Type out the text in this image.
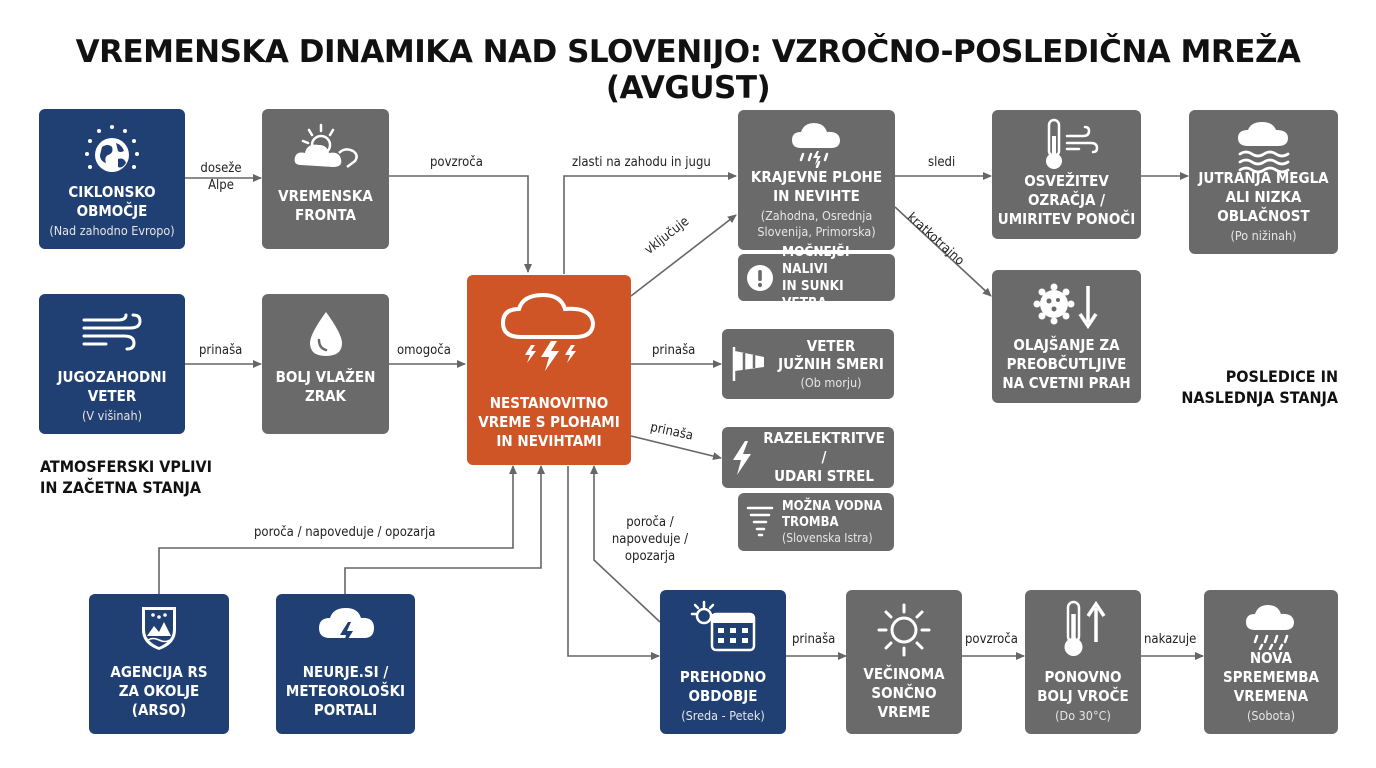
VREMENSKA DINAMIKA NAD SLOVENIJO: VZROČNO-POSLEDIČNA MREŽA (AVGUST)
CIKLONSKO
OBMOČJE
(Nad zahodno Evropo)
VREMENSKA
FRONTA
KRAJEVNE PLOHE
IN NEVIHTE
(Zahodna, Osrednja
Slovenija, Primorska)
OSVEŽITEV
OZRAČJA /
UMIRITEV PONOČI
JUTRANJA MEGLA
ALI NIZKA
OBLAČNOST
(Po nižinah)
MOČNEJŠI NALIVI
IN SUNKI VETRA
JUGOZAHODNI
VETER
(V višinah)
BOLJ VLAŽEN
ZRAK	NESTANOVITNO
VREME S PLOHAMI
IN NEVIHTAMI
OLAJŠANJE ZA
PREOBČUTLJIVE
NA CVETNI PRAH
VETER
JUŽNIH SMERI
(Ob morju)
RAZELEKTRITVE /
UDARI STREL
MOŽNA VODNA
TROMBA
(Slovenska Istra)
AGENCIJA RS
ZA OKOLJE
(ARSO)
NEURJE.SI /
METEOROLOŠKI
PORTALI
PREHODNO
OBDOBJE
(Sreda - Petek)
VEČINOMA
SONČNO
VREME
PONOVNO
BOLJ VROČE
(Do 30°C)
NOVA SPREMEMBA
VREMENA
(Sobota)
ATMOSFERSKI VPLIVI
IN ZAČETNA STANJA
POSLEDICE IN
NASLEDNJA STANJA
doseže
Alpe
povzroča
prinaša	omogoča
zlasti na zahodu in jugu
vključuje
sledi
kratkotrajno
prinaša
prinaša
poroča / napoveduje / opozarja
poroča /
napoveduje /
opozarja
prinaša	povzroča	nakazuje
